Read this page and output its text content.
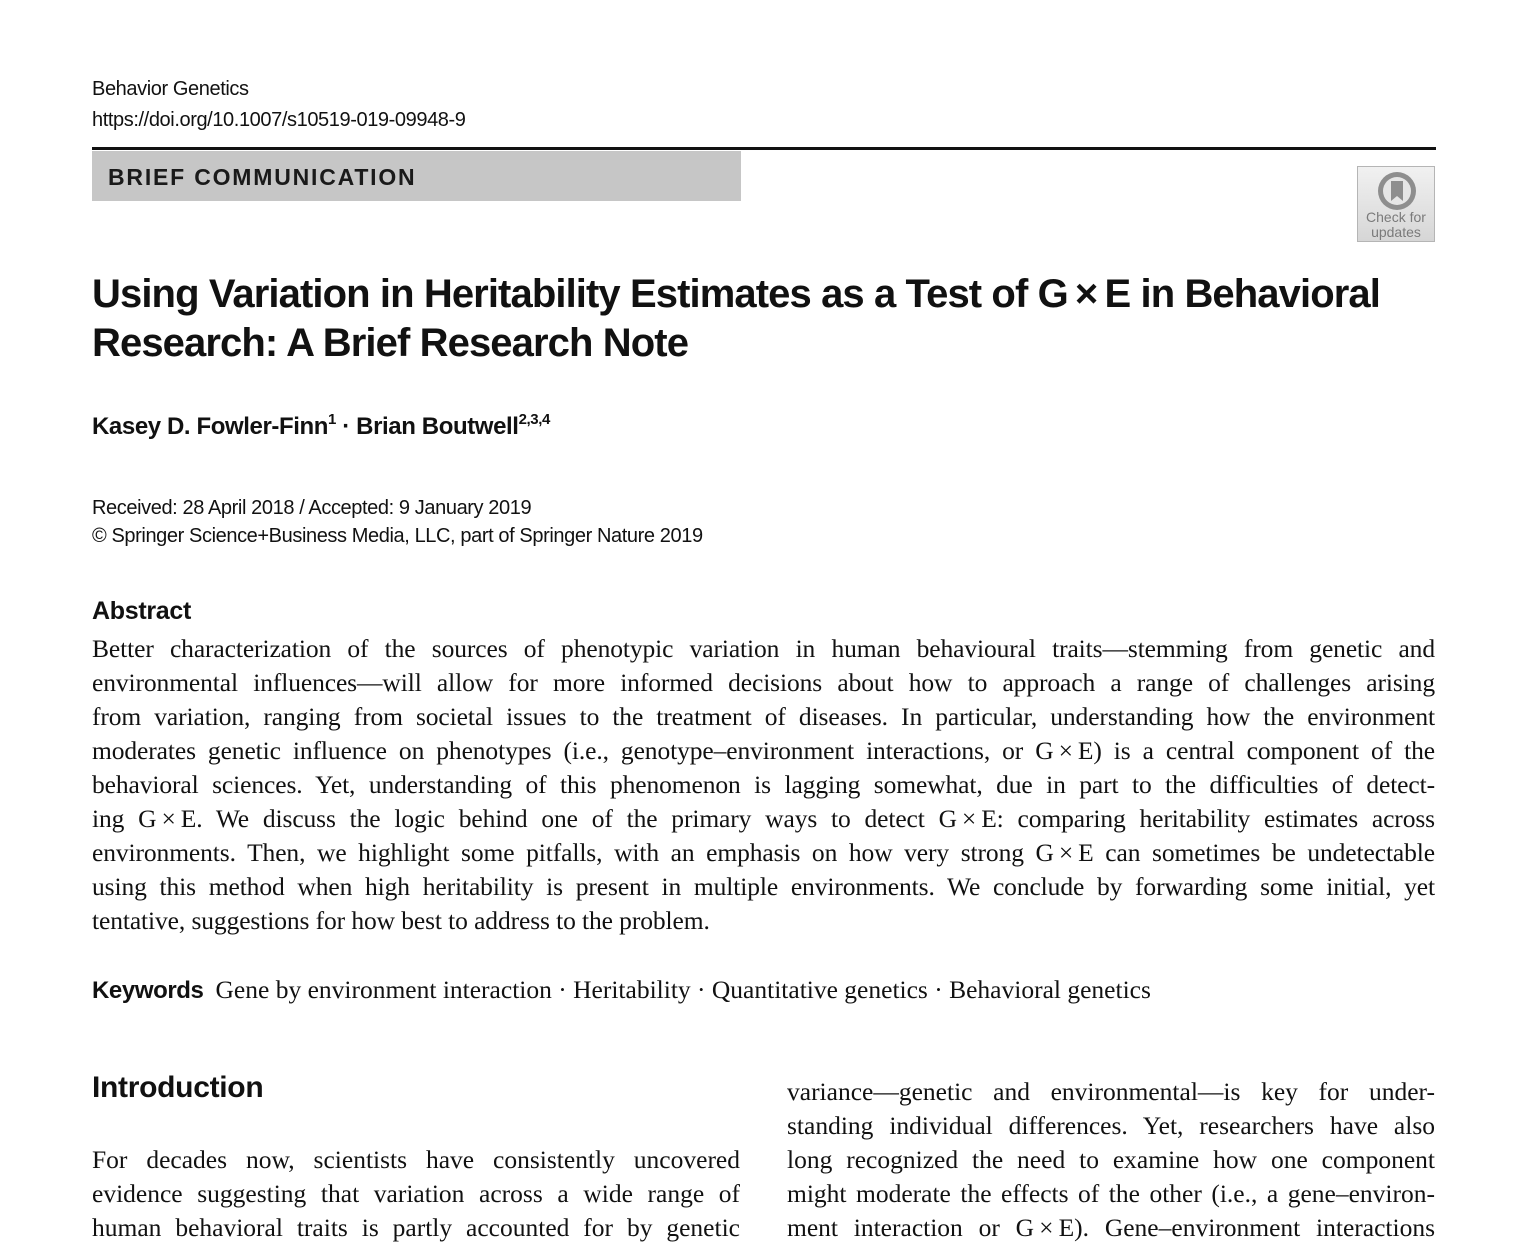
Behavior Genetics
https://doi.org/10.1007/s10519-019-09948-9
BRIEF COMMUNICATION
Check for
updates
Using Variation in Heritability Estimates as a Test of G × E in Behavioral
Research: A Brief Research Note
Kasey D. Fowler-Finn$^1$ · Brian Boutwell$^{2,3,4}$
Received: 28 April 2018 / Accepted: 9 January 2019
© Springer Science+Business Media, LLC, part of Springer Nature 2019
Abstract
Better characterization of the sources of phenotypic variation in human behavioural traits—stemming from genetic and
environmental influences—will allow for more informed decisions about how to approach a range of challenges arising
from variation, ranging from societal issues to the treatment of diseases. In particular, understanding how the environment
moderates genetic influence on phenotypes (i.e., genotype–environment interactions, or G × E) is a central component of the
behavioral sciences. Yet, understanding of this phenomenon is lagging somewhat, due in part to the difficulties of detect-
ing G × E. We discuss the logic behind one of the primary ways to detect G × E: comparing heritability estimates across
environments. Then, we highlight some pitfalls, with an emphasis on how very strong G × E can sometimes be undetectable
using this method when high heritability is present in multiple environments. We conclude by forwarding some initial, yet
tentative, suggestions for how best to address to the problem.
Keywords Gene by environment interaction · Heritability · Quantitative genetics · Behavioral genetics
Introduction
For decades now, scientists have consistently uncovered
evidence suggesting that variation across a wide range of
human behavioral traits is partly accounted for by genetic
variance—genetic and environmental—is key for under-
standing individual differences. Yet, researchers have also
long recognized the need to examine how one component
might moderate the effects of the other (i.e., a gene–environ-
ment interaction or G × E). Gene–environment interactions
